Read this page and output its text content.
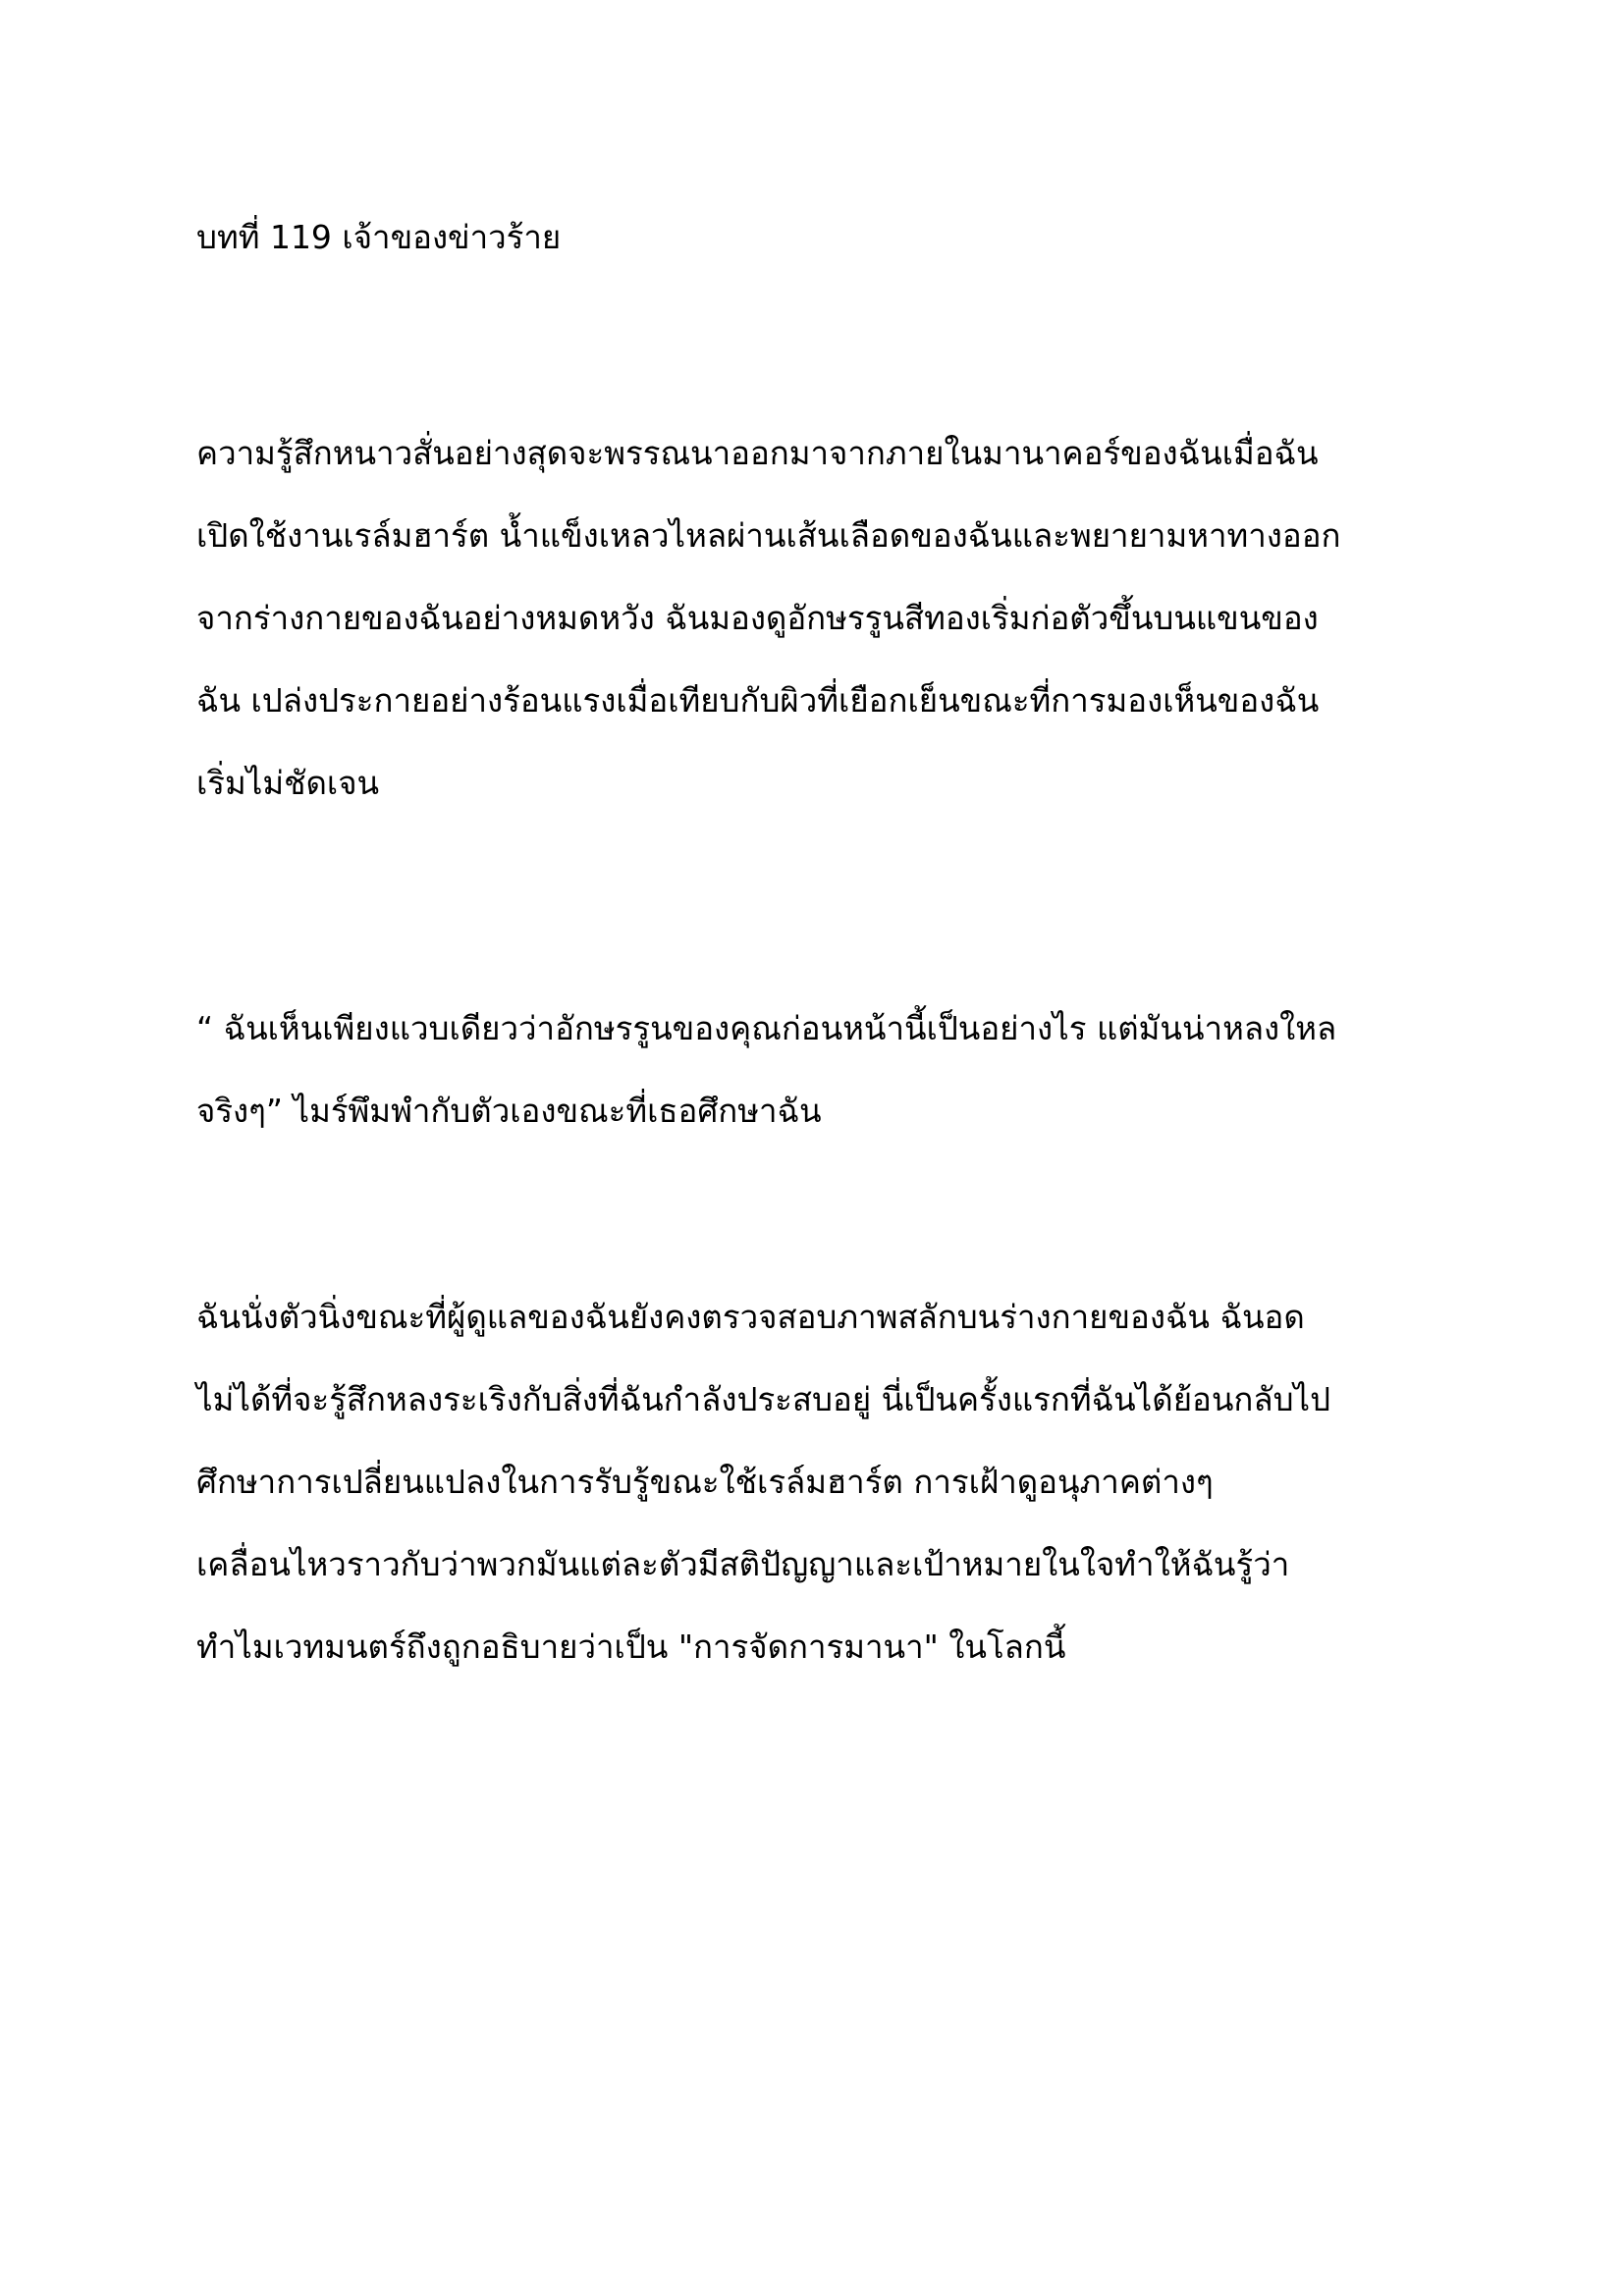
บทที่ 119 เจ้าของข่าวร้าย

ความรู้สึกหนาวสั่นอย่างสุดจะพรรณนาออกมาจากภายในมานาคอร์ของฉันเมื่อฉัน
เปิดใช้งานเรล์มฮาร์ต น้ำแข็งเหลวไหลผ่านเส้นเลือดของฉันและพยายามหาทางออก
จากร่างกายของฉันอย่างหมดหวัง ฉันมองดูอักษรรูนสีทองเริ่มก่อตัวขึ้นบนแขนของ
ฉัน เปล่งประกายอย่างร้อนแรงเมื่อเทียบกับผิวที่เยือกเย็นขณะที่การมองเห็นของฉัน
เริ่มไม่ชัดเจน

“ ฉันเห็นเพียงแวบเดียวว่าอักษรรูนของคุณก่อนหน้านี้เป็นอย่างไร แต่มันน่าหลงใหล
จริงๆ” ไมร์พึมพำกับตัวเองขณะที่เธอศึกษาฉัน

ฉันนั่งตัวนิ่งขณะที่ผู้ดูแลของฉันยังคงตรวจสอบภาพสลักบนร่างกายของฉัน ฉันอด
ไม่ได้ที่จะรู้สึกหลงระเริงกับสิ่งที่ฉันกำลังประสบอยู่ นี่เป็นครั้งแรกที่ฉันได้ย้อนกลับไป
ศึกษาการเปลี่ยนแปลงในการรับรู้ขณะใช้เรล์มฮาร์ต การเฝ้าดูอนุภาคต่างๆ
เคลื่อนไหวราวกับว่าพวกมันแต่ละตัวมีสติปัญญาและเป้าหมายในใจทำให้ฉันรู้ว่า
ทำไมเวทมนตร์ถึงถูกอธิบายว่าเป็น "การจัดการมานา" ในโลกนี้
